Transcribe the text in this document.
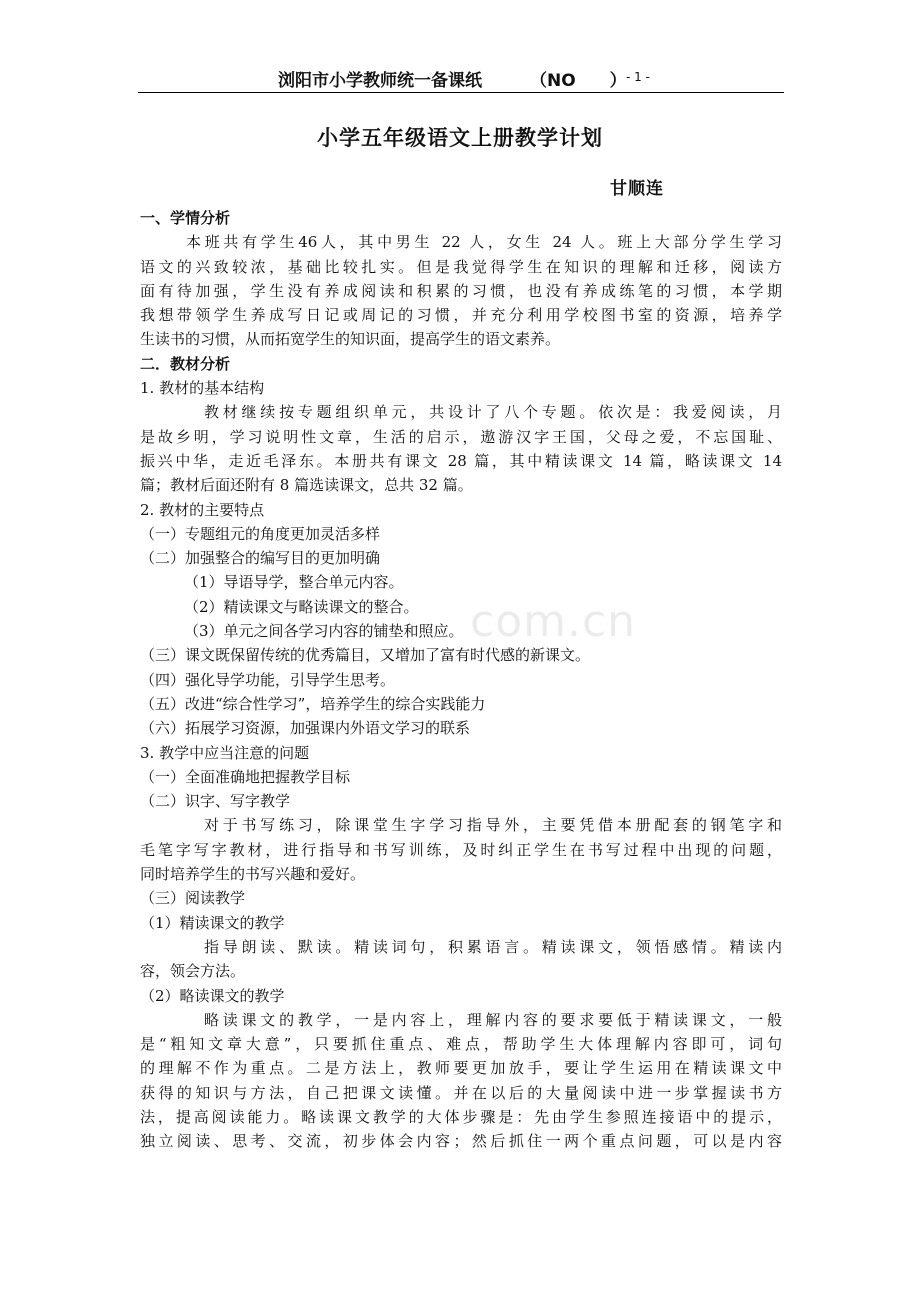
浏阳市小学教师统一备课纸	（NO　　） - 1 -
小学五年级语文上册教学计划
甘顺连
com.cn
一、学情分析
本班共有学生46人，其中男生 22 人，女生 24 人。班上大部分学生学习
语文的兴致较浓，基础比较扎实。但是我觉得学生在知识的理解和迁移，阅读方
面有待加强，学生没有养成阅读和积累的习惯，也没有养成练笔的习惯，本学期
我想带领学生养成写日记或周记的习惯，并充分利用学校图书室的资源，培养学
生读书的习惯，从而拓宽学生的知识面，提高学生的语文素养。
二．教材分析
1. 教材的基本结构
教材继续按专题组织单元，共设计了八个专题。依次是：我爱阅读，月
是故乡明，学习说明性文章，生活的启示，遨游汉字王国，父母之爱，不忘国耻、
振兴中华，走近毛泽东。本册共有课文 28 篇，其中精读课文 14 篇，略读课文 14
篇；教材后面还附有 8 篇选读课文，总共 32 篇。
2. 教材的主要特点
（一）专题组元的角度更加灵活多样
（二）加强整合的编写目的更加明确
（1）导语导学，整合单元内容。
（2）精读课文与略读课文的整合。
（3）单元之间各学习内容的铺垫和照应。
（三）课文既保留传统的优秀篇目，又增加了富有时代感的新课文。
（四）强化导学功能，引导学生思考。
（五）改进“综合性学习”，培养学生的综合实践能力
（六）拓展学习资源，加强课内外语文学习的联系
3. 教学中应当注意的问题
（一）全面准确地把握教学目标
（二）识字、写字教学
对于书写练习，除课堂生字学习指导外，主要凭借本册配套的钢笔字和
毛笔字写字教材，进行指导和书写训练，及时纠正学生在书写过程中出现的问题，
同时培养学生的书写兴趣和爱好。
（三）阅读教学
（1）精读课文的教学
指导朗读、默读。精读词句，积累语言。精读课文，领悟感情。精读内
容，领会方法。
（2）略读课文的教学
略读课文的教学，一是内容上，理解内容的要求要低于精读课文，一般
是“粗知文章大意”，只要抓住重点、难点，帮助学生大体理解内容即可，词句
的理解不作为重点。二是方法上，教师要更加放手，要让学生运用在精读课文中
获得的知识与方法，自己把课文读懂。并在以后的大量阅读中进一步掌握读书方
法，提高阅读能力。略读课文教学的大体步骤是：先由学生参照连接语中的提示，
独立阅读、思考、交流，初步体会内容；然后抓住一两个重点问题，可以是内容
